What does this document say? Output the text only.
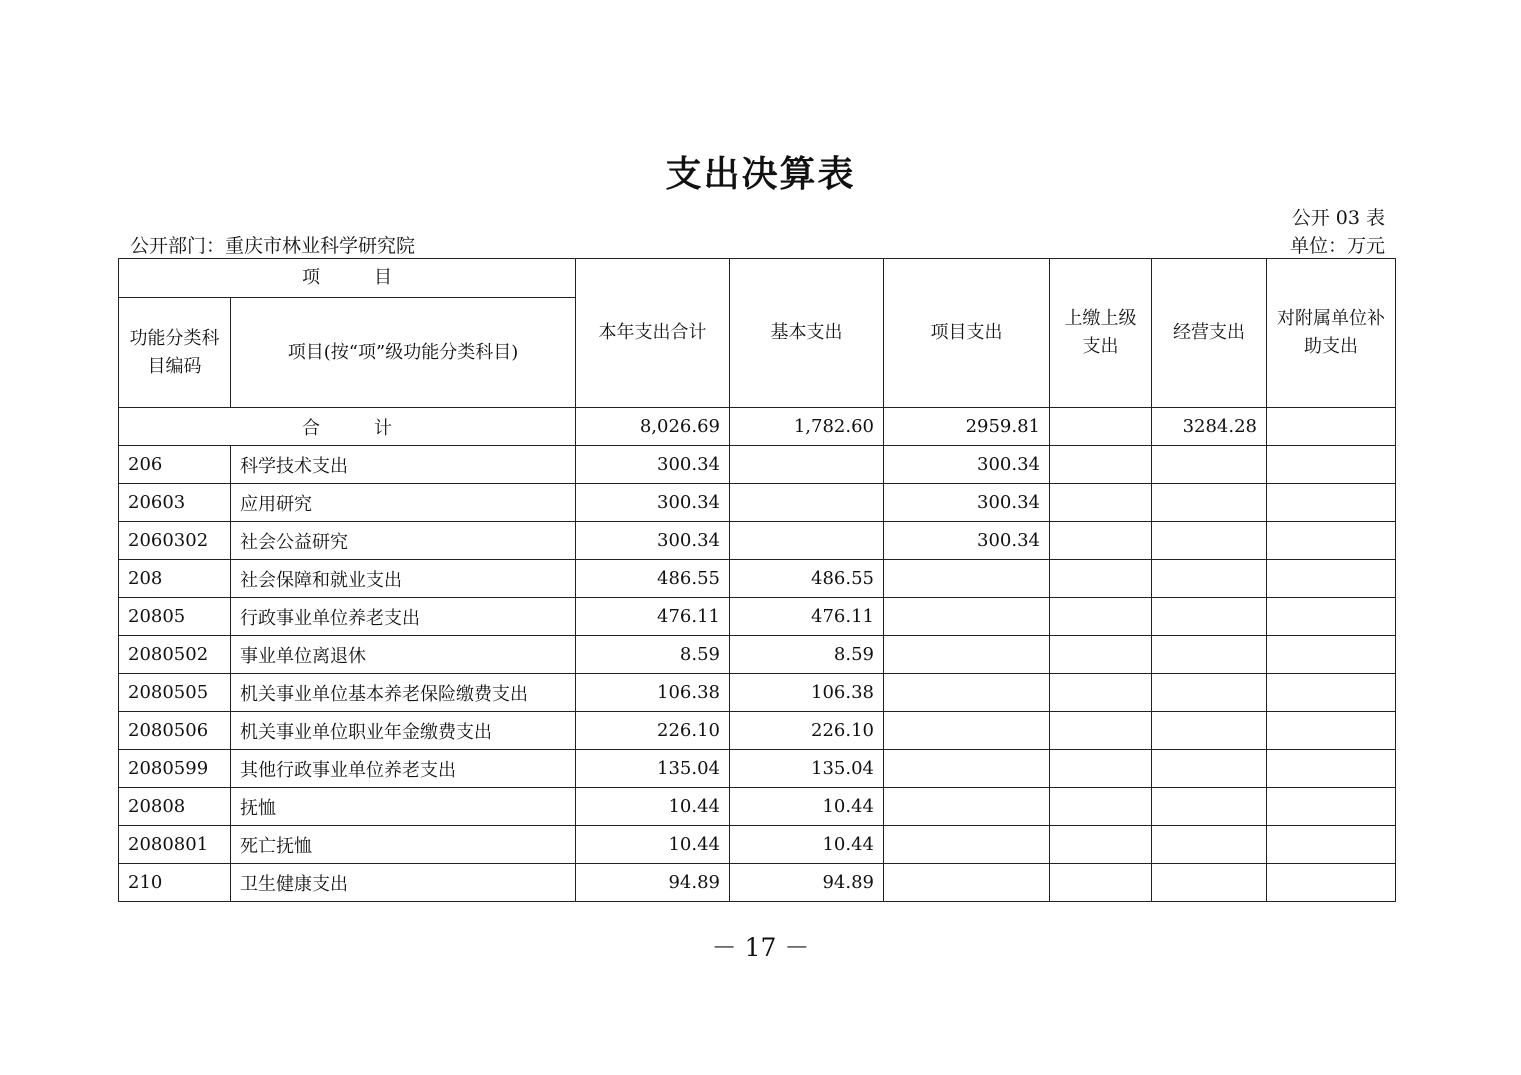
支出决算表
公开 03 表
公开部门：重庆市林业科学研究院	单位：万元
项　　　目		本年支出合计	基本支出	项目支出	上缴上级支出	经营支出	对附属单位补助支出
功能分类科目编码	项目(按“项”级功能分类科目)						
合　　　计		8,026.69	1,782.60	2959.81		3284.28	
206	科学技术支出	300.34		300.34			
20603	应用研究	300.34		300.34			
2060302	社会公益研究	300.34		300.34			
208	社会保障和就业支出	486.55	486.55				
20805	行政事业单位养老支出	476.11	476.11				
2080502	事业单位离退休	8.59	8.59				
2080505	机关事业单位基本养老保险缴费支出	106.38	106.38				
2080506	机关事业单位职业年金缴费支出	226.10	226.10				
2080599	其他行政事业单位养老支出	135.04	135.04				
20808	抚恤	10.44	10.44				
2080801	死亡抚恤	10.44	10.44				
210	卫生健康支出	94.89	94.89				
－ 17 －
